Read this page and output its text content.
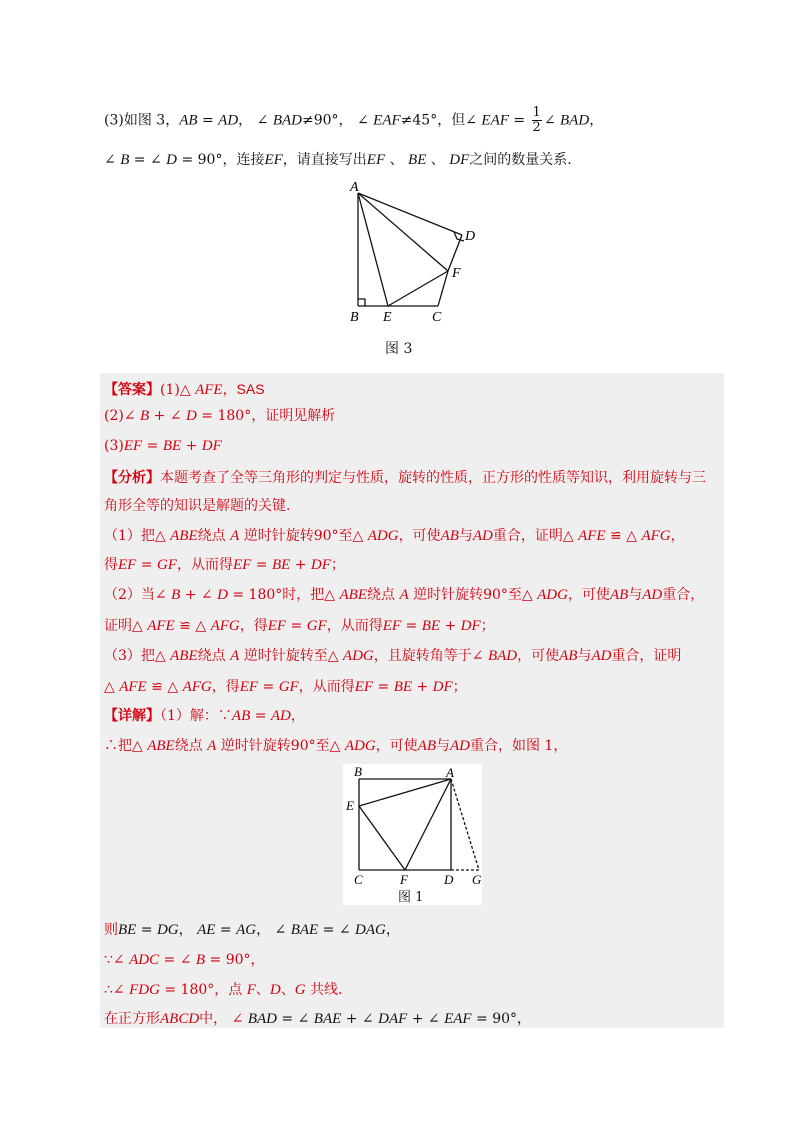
(3)如图 3，AB = AD， ∠ BAD≠90°， ∠ EAF≠45°，但∠ EAF = $\frac{1}{2}$ ∠ BAD，
∠ B = ∠ D = 90°，连接EF，请直接写出EF 、 BE 、 DF之间的数量关系.
A
B E	C
D
F
图 3
【答案】(1)△ AFE，SAS
(2)∠ B + ∠ D = 180°，证明见解析
(3)EF = BE + DF
【分析】本题考查了全等三角形的判定与性质，旋转的性质，正方形的性质等知识，利用旋转与三
角形全等的知识是解题的关键.
（1）把△ ABE绕点 A 逆时针旋转90°至△ ADG，可使AB与AD重合，证明△ AFE ≌ △ AFG，
得EF = GF，从而得EF = BE + DF；
（2）当∠ B + ∠ D = 180°时，把△ ABE绕点 A 逆时针旋转90°至△ ADG，可使AB与AD重合，
证明△ AFE ≌ △ AFG，得EF = GF，从而得EF = BE + DF；
（3）把△ ABE绕点 A 逆时针旋转至△ ADG，且旋转角等于∠ BAD，可使AB与AD重合，证明
△ AFE ≌ △ AFG，得EF = GF，从而得EF = BE + DF；
【详解】（1）解：∵AB = AD，
∴把△ ABE绕点 A 逆时针旋转90°至△ ADG，可使AB与AD重合，如图 1，
B	A
E
C	F	D G
图 1
则BE = DG， AE = AG， ∠ BAE = ∠ DAG，
∵∠ ADC = ∠ B = 90°，
∴∠ FDG = 180°，点 F、D、G 共线.
在正方形ABCD中， ∠ BAD = ∠ BAE + ∠ DAF + ∠ EAF = 90°，
